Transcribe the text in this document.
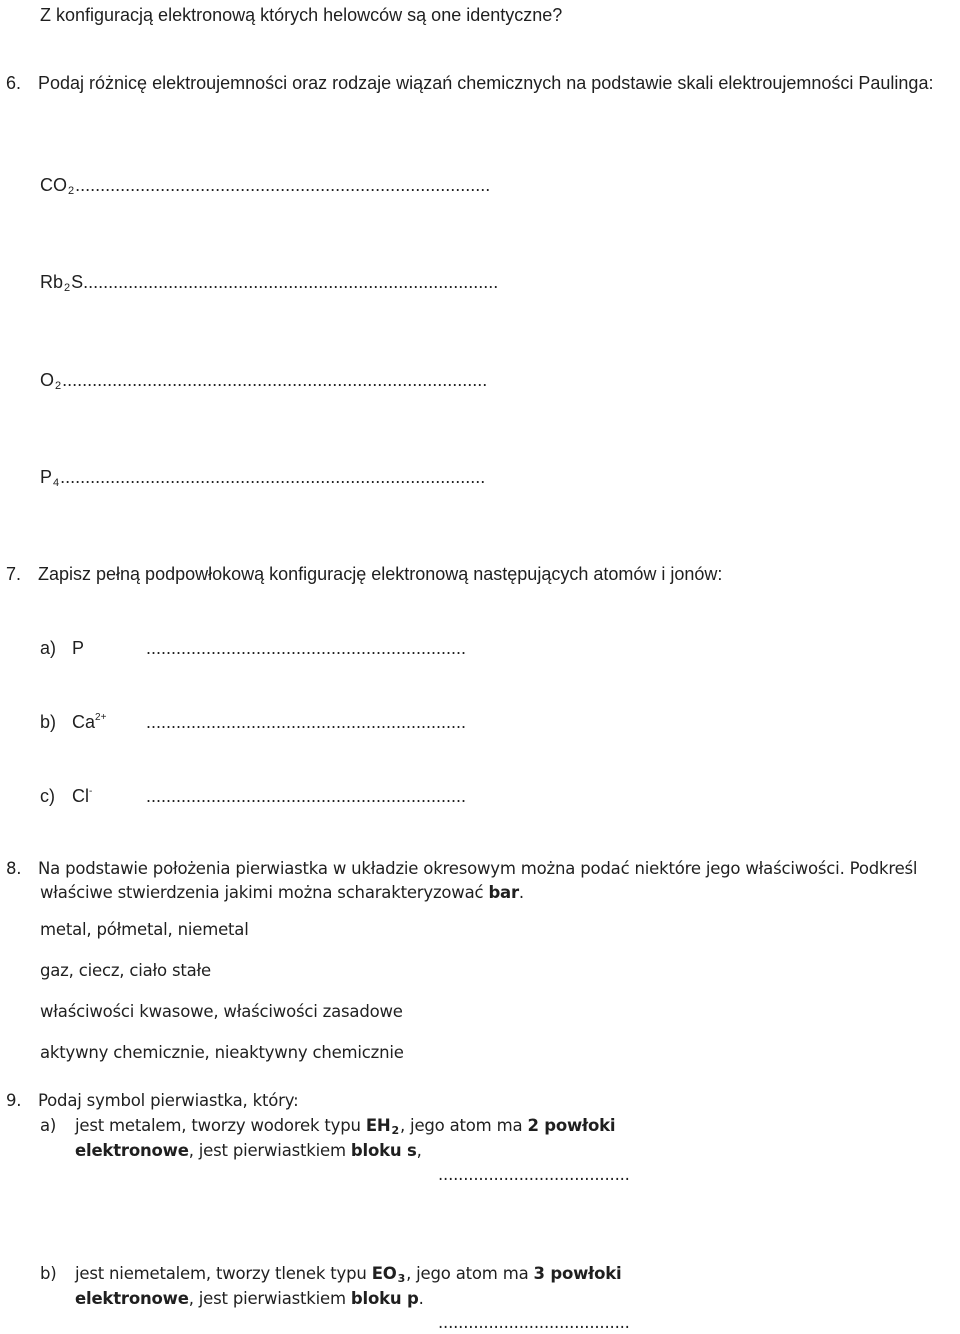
Z konfiguracją elektronową których helowców są one identyczne?
6. Podaj różnicę elektroujemności oraz rodzaje wiązań chemicznych na podstawie skali elektroujemności Paulinga:
$CO_2$...................................................................................
$Rb_2S$...................................................................................
$O_2$.....................................................................................
$P_4$.....................................................................................
7. Zapisz pełną podpowłokową konfigurację elektronową następujących atomów i jonów:
a) P	................................................................
b) $Ca^{2+}$ ................................................................
c) Cl-	................................................................
8. Na podstawie położenia pierwiastka w układzie okresowym można podać niektóre jego właściwości. Podkreśl
właściwe stwierdzenia jakimi można scharakteryzować bar.
metal, półmetal, niemetal
gaz, ciecz, ciało stałe
właściwości kwasowe, właściwości zasadowe
aktywny chemicznie, nieaktywny chemicznie
9. Podaj symbol pierwiastka, który:
a) jest metalem, tworzy wodorek typu $EH_2$, jego atom ma 2 powłoki
elektronowe, jest pierwiastkiem bloku s,
......................................
b) jest niemetalem, tworzy tlenek typu $EO_3$, jego atom ma 3 powłoki
elektronowe, jest pierwiastkiem bloku p.
......................................
